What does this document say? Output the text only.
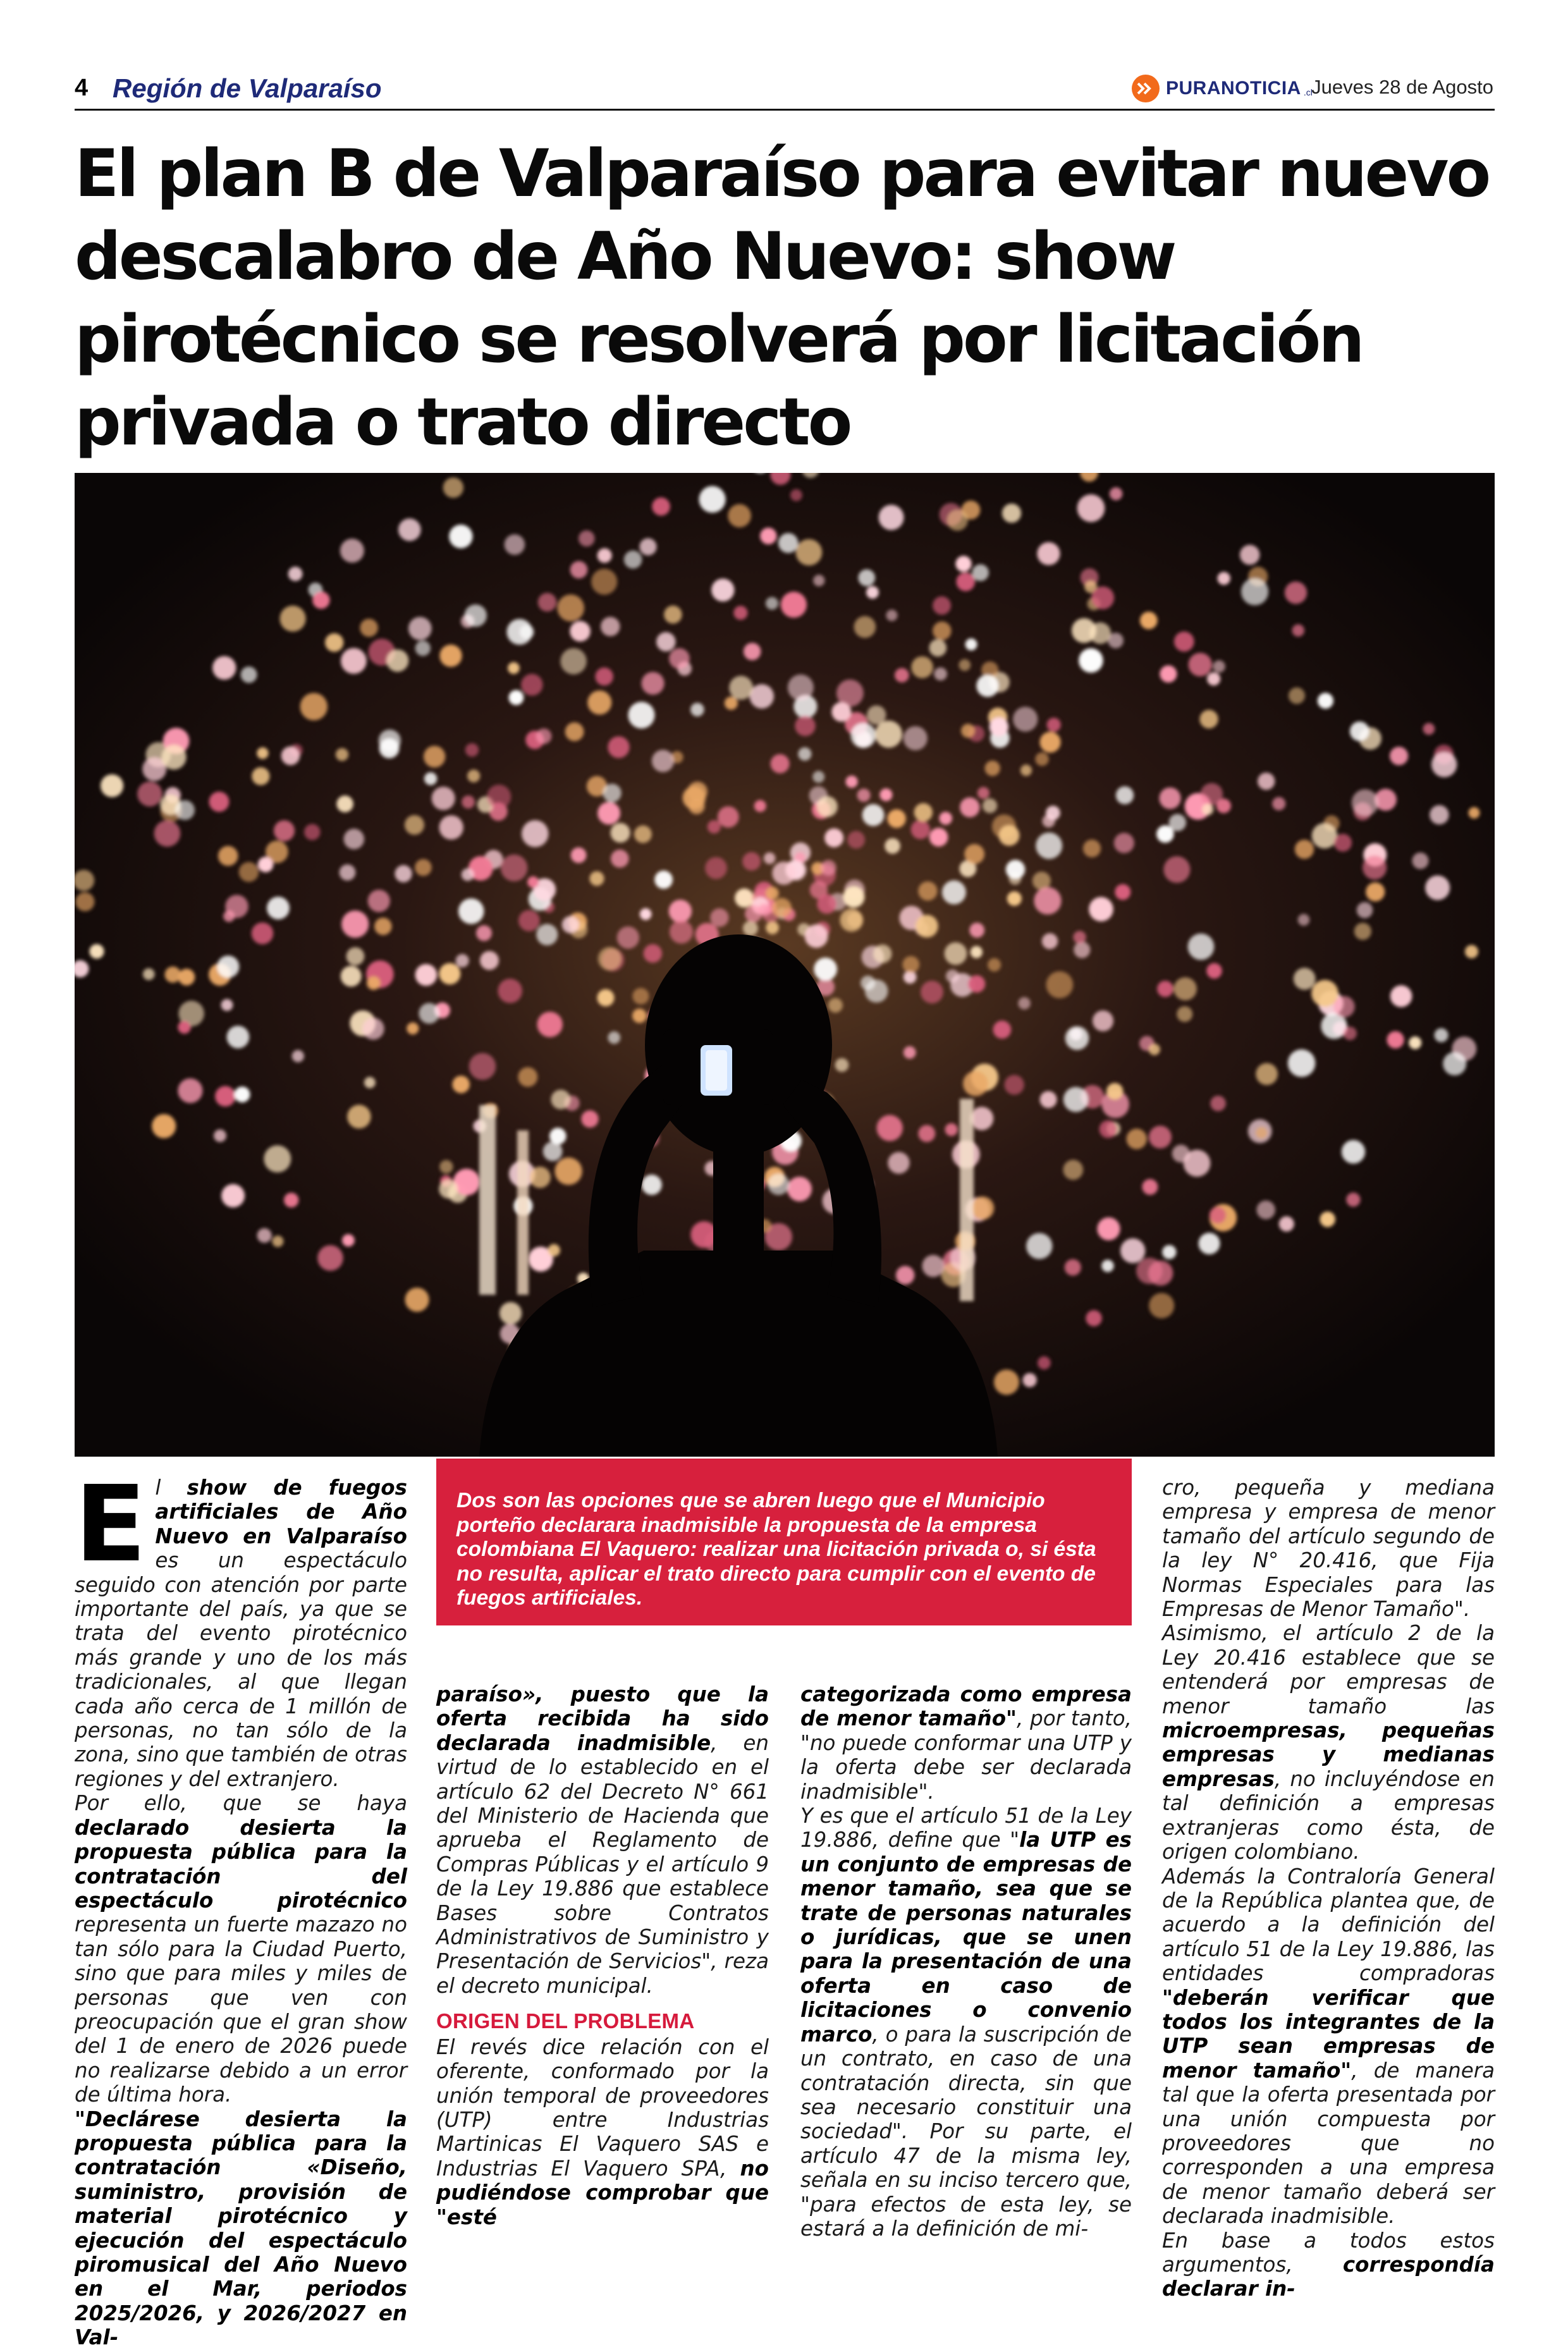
4 Región de Valparaíso	PURANOTICIA .cl
Jueves 28 de Agosto
El plan B de Valparaíso para evitar nuevo descalabro de Año Nuevo: show pirotécnico se resolverá por licitación privada o trato directo
E l show de fuegos artificiales de Año Nuevo en Valparaíso es un espectáculo seguido con atención por parte importante del país, ya que se trata del evento pirotécnico más grande y uno de los más tradicionales, al que llegan cada año cerca de 1 millón de personas, no tan sólo de la zona, sino que también de otras regiones y del extranjero.

Por ello, que se haya declarado desierta la propuesta pública para la contratación del espectáculo pirotécnico representa un fuerte mazazo no tan sólo para la Ciudad Puerto, sino que para miles y miles de personas que ven con preocupación que el gran show del 1 de enero de 2026 puede no realizarse debido a un error de última hora.

"Declárese desierta la propuesta pública para la contratación «Diseño, suministro, provisión de material pirotécnico y ejecución del espectáculo piromusical del Año Nuevo en el Mar, periodos 2025/2026, y 2026/2027 en Val-

Dos son las opciones que se abren luego que el Municipio porteño declarara inadmisible la propuesta de la empresa colombiana El Vaquero: realizar una licitación privada o, si ésta no resulta, aplicar el trato directo para cumplir con el evento de fuegos artificiales.

paraíso», puesto que la oferta recibida ha sido declarada inadmisible, en virtud de lo establecido en el artículo 62 del Decreto N° 661 del Ministerio de Hacienda que aprueba el Reglamento de Compras Públicas y el artículo 9 de la Ley 19.886 que establece Bases sobre Contratos Administrativos de Suministro y Presentación de Servicios", reza el decreto municipal.

ORIGEN DEL PROBLEMA

El revés dice relación con el oferente, conformado por la unión temporal de proveedores (UTP) entre Industrias Martinicas El Vaquero SAS e Industrias El Vaquero SPA, no pudiéndose comprobar que "esté

categorizada como empresa de menor tamaño", por tanto, "no puede conformar una UTP y la oferta debe ser declarada inadmisible".

Y es que el artículo 51 de la Ley 19.886, define que "la UTP es un conjunto de empresas de menor tamaño, sea que se trate de personas naturales o jurídicas, que se unen para la presentación de una oferta en caso de licitaciones o convenio marco, o para la suscripción de un contrato, en caso de una contratación directa, sin que sea necesario constituir una sociedad". Por su parte, el artículo 47 de la misma ley, señala en su inciso tercero que, "para efectos de esta ley, se estará a la definición de mi-

cro, pequeña y mediana empresa y empresa de menor tamaño del artículo segundo de la ley N° 20.416, que Fija Normas Especiales para las Empresas de Menor Tamaño".

Asimismo, el artículo 2 de la Ley 20.416 establece que se entenderá por empresas de menor tamaño las microempresas, pequeñas empresas y medianas empresas, no incluyéndose en tal definición a empresas extranjeras como ésta, de origen colombiano.

Además la Contraloría General de la República plantea que, de acuerdo a la definición del artículo 51 de la Ley 19.886, las entidades compradoras "deberán verificar que todos los integrantes de la UTP sean empresas de menor tamaño", de manera tal que la oferta presentada por una unión compuesta por proveedores que no corresponden a una empresa de menor tamaño deberá ser declarada inadmisible.

En base a todos estos argumentos, correspondía declarar in-
